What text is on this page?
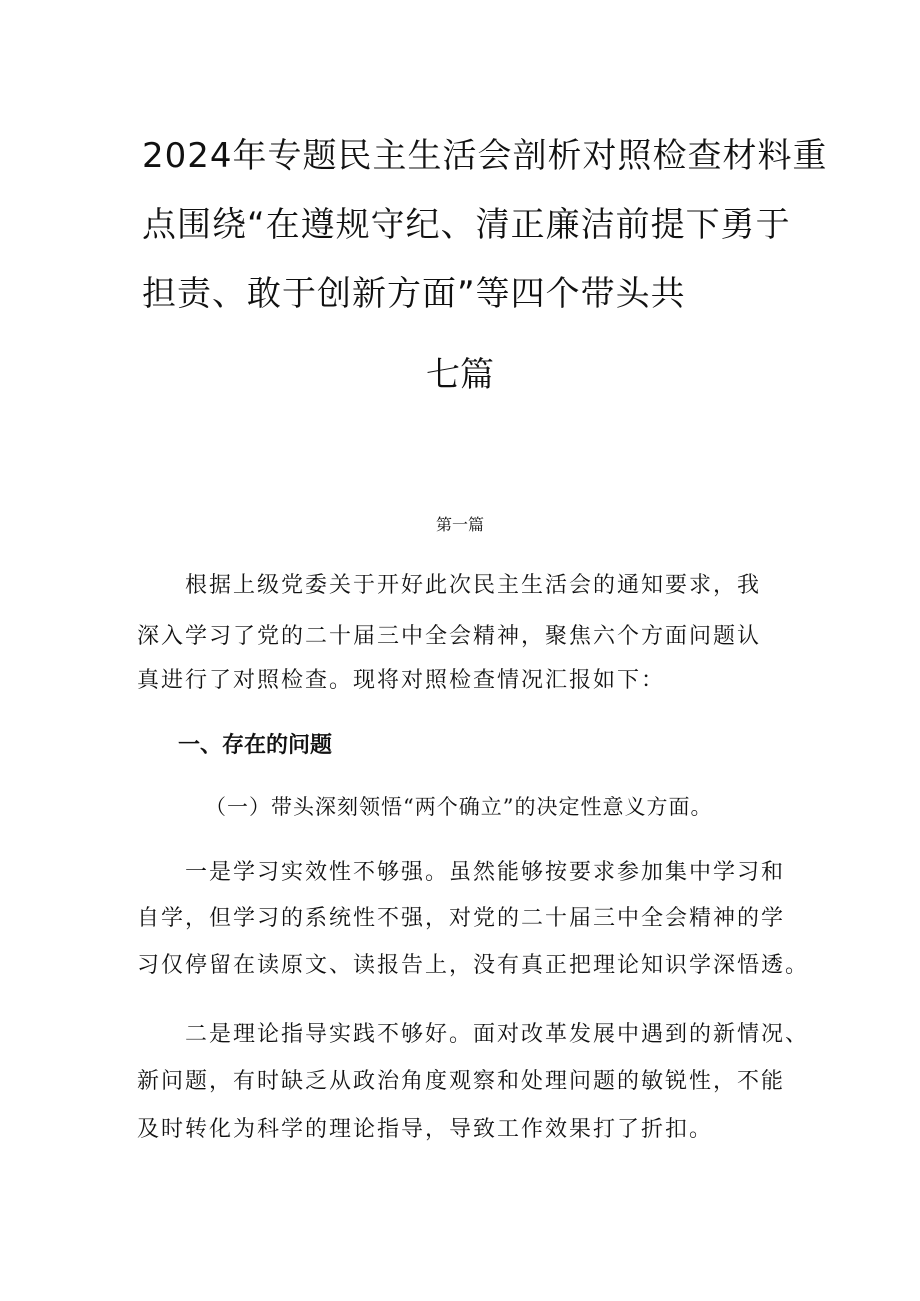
2024年专题民主生活会剖析对照检查材料重
点围绕“在遵规守纪、清正廉洁前提下勇于
担责、敢于创新方面”等四个带头共
七篇
第一篇
根据上级党委关于开好此次民主生活会的通知要求，我
深入学习了党的二十届三中全会精神，聚焦六个方面问题认
真进行了对照检查。现将对照检查情况汇报如下：
一、存在的问题
（一）带头深刻领悟“两个确立”的决定性意义方面。
一是学习实效性不够强。虽然能够按要求参加集中学习和
自学，但学习的系统性不强，对党的二十届三中全会精神的学
习仅停留在读原文、读报告上，没有真正把理论知识学深悟透。
二是理论指导实践不够好。面对改革发展中遇到的新情况、
新问题，有时缺乏从政治角度观察和处理问题的敏锐性，不能
及时转化为科学的理论指导，导致工作效果打了折扣。
